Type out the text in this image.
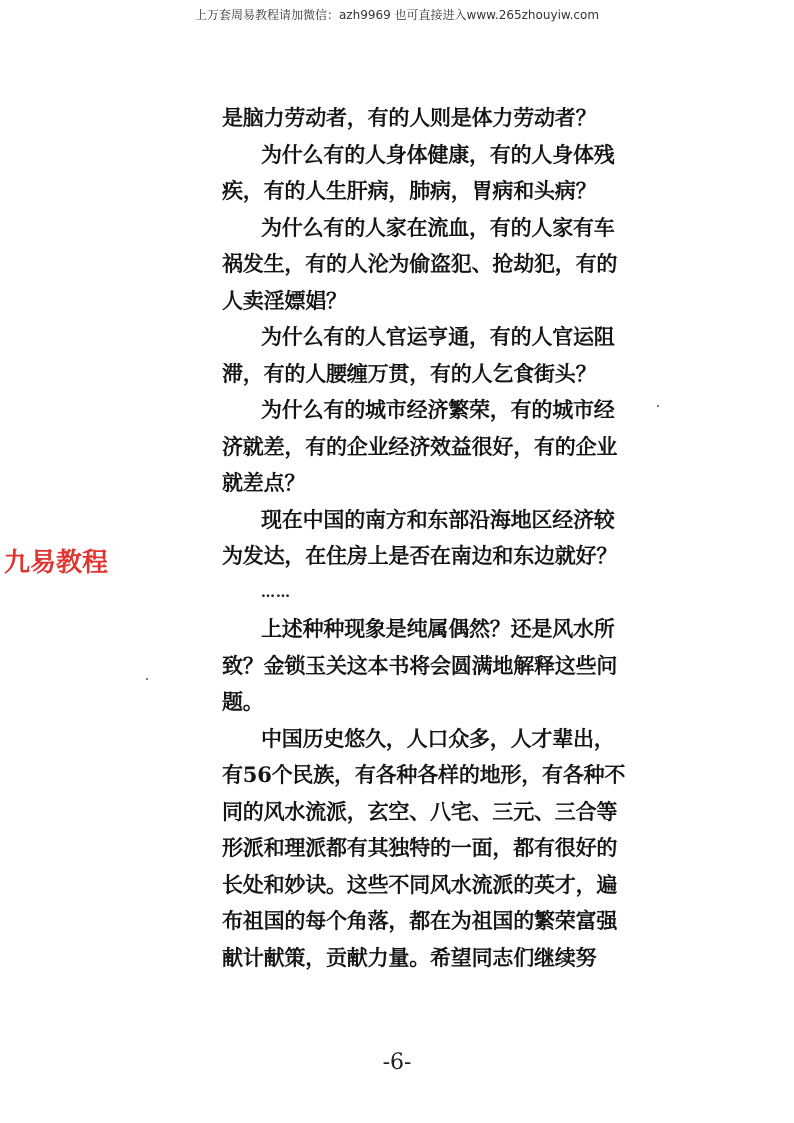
上万套周易教程请加微信：azh9969 也可直接进入www.265zhouyiw.com
九易教程
是脑力劳动者，有的人则是体力劳动者？
为什么有的人身体健康，有的人身体残
疾，有的人生肝病，肺病，胃病和头病？
为什么有的人家在流血，有的人家有车
祸发生，有的人沦为偷盗犯、抢劫犯，有的
人卖淫嫖娼？
为什么有的人官运亨通，有的人官运阻
滞，有的人腰缠万贯，有的人乞食街头？
为什么有的城市经济繁荣，有的城市经
济就差，有的企业经济效益很好，有的企业
就差点？
现在中国的南方和东部沿海地区经济较
为发达，在住房上是否在南边和东边就好？
……
上述种种现象是纯属偶然？还是风水所
致？金锁玉关这本书将会圆满地解释这些问
题。
中国历史悠久，人口众多，人才辈出，
有56个民族，有各种各样的地形，有各种不
同的风水流派，玄空、八宅、三元、三合等
形派和理派都有其独特的一面，都有很好的
长处和妙诀。这些不同风水流派的英才，遍
布祖国的每个角落，都在为祖国的繁荣富强
献计献策，贡献力量。希望同志们继续努
-6-
